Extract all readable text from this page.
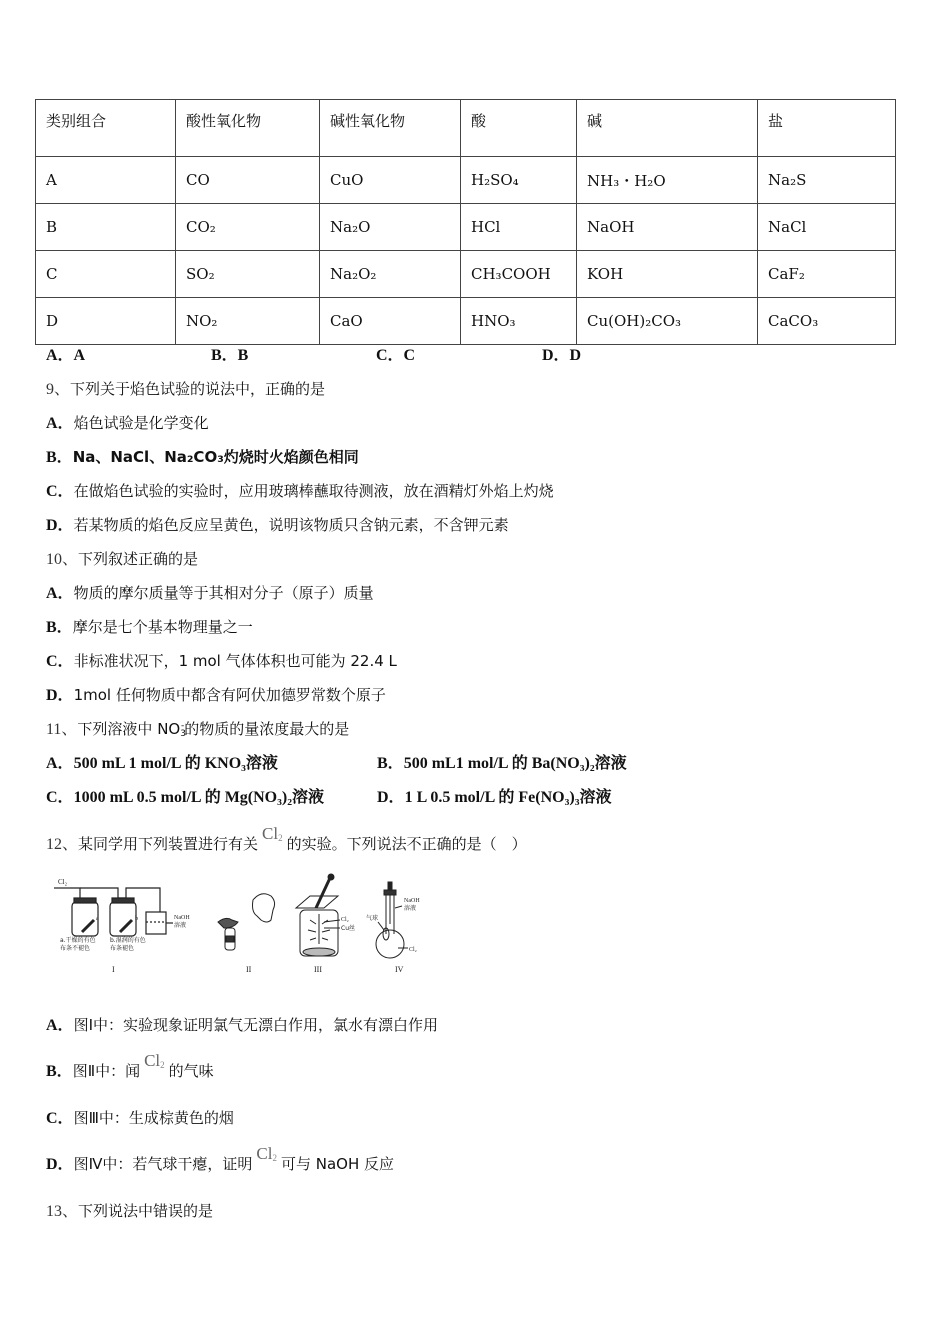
类别组合	酸性氧化物	碱性氧化物	酸	碱	盐
A	CO	CuO	H₂SO₄	NH₃・H₂O	Na₂S
B	CO₂	Na₂O	HCl	NaOH	NaCl
C	SO₂	Na₂O₂	CH₃COOH	KOH	CaF₂
D	NO₂	CaO	HNO₃	Cu(OH)₂CO₃	CaCO₃
A．A	B．B	C．C	D．D
9、下列关于焰色试验的说法中，正确的是
A．焰色试验是化学变化
B．Na、NaCl、Na₂CO₃灼烧时火焰颜色相同
C．在做焰色试验的实验时，应用玻璃棒蘸取待测液，放在酒精灯外焰上灼烧
D．若某物质的焰色反应呈黄色，说明该物质只含钠元素，不含钾元素
10、下列叙述正确的是
A．物质的摩尔质量等于其相对分子（原子）质量
B．摩尔是七个基本物理量之一
C．非标准状况下，1 mol 气体体积也可能为 22.4 L
D．1mol 任何物质中都含有阿伏加德罗常数个原子
11、下列溶液中 $NO_3^-$的物质的量浓度最大的是
A．500 mL 1 mol/L 的 KNO₃溶液	B．500 mL1 mol/L 的 Ba(NO₃)₂溶液
C．1000 mL 0.5 mol/L 的 Mg(NO₃)₂溶液	D．1 L 0.5 mol/L 的 Fe(NO₃)₃溶液
12、某同学用下列装置进行有关$Cl_2$ 的实验。下列说法不正确的是（　）
Cl₂
a	b	NaOH
溶液
a.干燥的有色
布条不褪色
b.湿润的有色
布条褪色
I	II
Cl₂
Cu丝
III
NaOH
溶液
气球
Cl₂
IV
A．图Ⅰ中：实验现象证明氯气无漂白作用，氯水有漂白作用
B．图Ⅱ中：闻$Cl_2$ 的气味
C．图Ⅲ中：生成棕黄色的烟
D．图Ⅳ中：若气球干瘪，证明$Cl_2$ 可与 NaOH 反应
13、下列说法中错误的是
